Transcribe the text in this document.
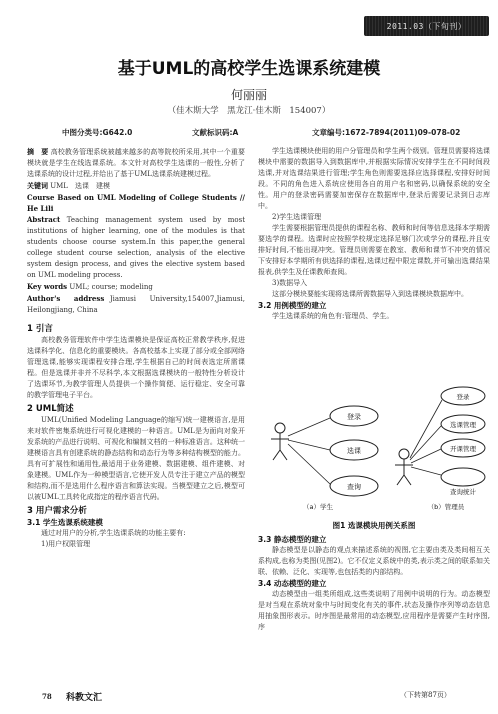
2011.03（下旬刊）
基于UML的高校学生选课系统建模
何丽丽
（佳木斯大学　黑龙江·佳木斯　154007）
中图分类号:G642.0	文献标识码:A	文章编号:1672-7894(2011)09-078-02

摘　要 高校教务管理系统被越来越多的高等院校所采用,其中一个重要模块就是学生在线选课系统。本文针对高校学生选课的一般性,分析了选课系统的设计过程,并给出了基于UML选课系统建模过程。

关键词 UML　选课　建模

Course Based on UML Modeling of College Students // He Lili

Abstract Teaching management system used by most institutions of higher learning, one of the modules is that students choose course system.In this paper,the general college student course selection, analysis of the elective system design process, and gives the elective system based on UML modeling process.

Key words UML; course; modeling

Author's　address Jiamusi　University,154007,Jiamusi, Heilongjiang, China

1 引言

高校教务管理软件中学生选课模块是保证高校正常教学秩序,促进选课科学化、信息化的重要模块。各高校基本上实现了部分或全部网络管理选课,能够实现课程安排合理,学生根据自己的时间表选定所需课程。但是选课并非并不尽科学,本文根据选课模块的一般特性分析设计了选课环节,为教学管理人员提供一个操作简便、运行稳定、安全可靠的教学管理电子平台。

2 UML简述

UML(Unified Modeling Language的缩写)统一建模语言,是用来对软件密集系统进行可视化建模的一种语言。UML是为面向对象开发系统的产品进行说明、可视化和编制文档的一种标准语言。这种统一建模语言具有创建系统的静态结构和动态行为等多种结构模型的能力。具有可扩展性和通用性,最适用于业务建模、数据建模、组件建模、对象建模。UML作为一种模型语言,它使开发人员专注于建立产品的模型和结构,而不是选用什么程序语言和算法实现。当模型建立之后,模型可以被UML工具转化成指定的程序语言代码。

3 用户需求分析
3.1 学生选课系统建模

通过对用户的分析,学生选课系统的功能主要有:

1)用户权限管理

学生选课模块使用的用户分管理员和学生两个级别。管理员需要将选课模块中需要的数据导入到数据库中,并根据实际情况安排学生在不同时间段选课,并对选课结果进行管理;学生角色则需要选择应选择课程,安排好时间段。不同的角色进入系统应使用各自的用户名和密码,以确保系统的安全性。用户的登录密码需要加密保存在数据库中,登录后需要记录到日志库中。

2)学生选课管理

学生需要根据管理员提供的课程名称、教师和时间等信息选择本学期需要选学的课程。选课时应按照学校规定选择足够门次或学分的课程,并且安排好时间,不能出现冲突。管理员则需要在教室、教师和课节不冲突的情况下安排好本学期所有供选择的课程,选课过程中限定课数,并可输出选课结果报表,供学生及任课教师查阅。

3)数据导入

这部分模块要能实现将选课所需数据导入到选课模块数据库中。

3.2 用例模型的建立

学生选课系统的角色有:管理员、学生。

登录
选课
查询
登录
选课管理
开课管理
查询统计
（a）学生	（b）管理员
图1 选课模块用例关系图
3.3 静态模型的建立

静态模型是以静态的观点来描述系统的视图,它主要由类及类间相互关系构成,也称为类图(见图2)。它不仅定义系统中的类,表示类之间的联系如关联、依赖、泛化、实现等,也包括类的内部结构。

3.4 动态模型的建立

动态模型由一组类所组成,这些类说明了用例中说明的行为。动态模型是对当观在系统对象中与时间变化有关的事件,状态及操作序列等动态信息用抽象图形表示。时序图是最常用的动态模型,应用程序是需要产生时序图,序

（下转第87页）
78 科教文汇
